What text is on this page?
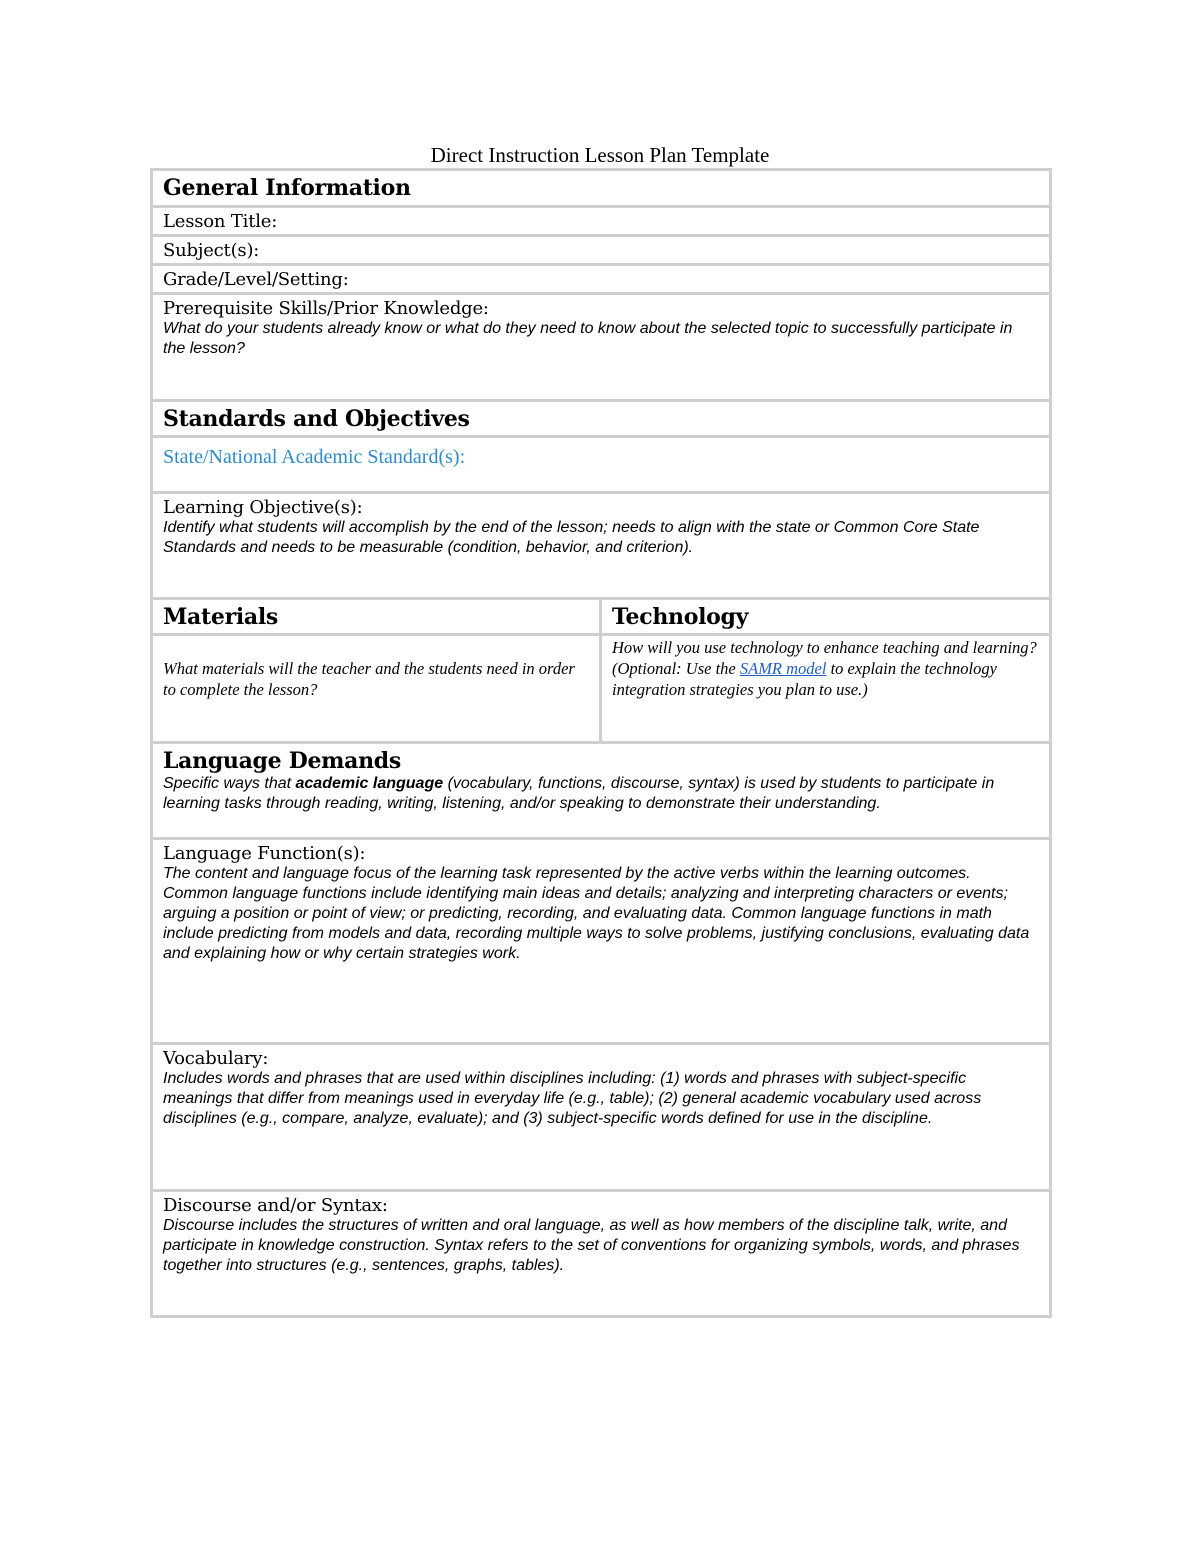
Direct Instruction Lesson Plan Template
General Information
Lesson Title:
Subject(s):
Grade/Level/Setting:
Prerequisite Skills/Prior Knowledge:
What do your students already know or what do they need to know about the selected topic to successfully participate in the lesson?
Standards and Objectives
State/National Academic Standard(s):
Learning Objective(s):
Identify what students will accomplish by the end of the lesson; needs to align with the state or Common Core State Standards and needs to be measurable (condition, behavior, and criterion).
Materials	Technology
What materials will the teacher and the students need in order to complete the lesson?
How will you use technology to enhance teaching and learning? (Optional: Use the SAMR model to explain the technology integration strategies you plan to use.)
Language Demands
Specific ways that academic language (vocabulary, functions, discourse, syntax) is used by students to participate in learning tasks through reading, writing, listening, and/or speaking to demonstrate their understanding.
Language Function(s):
The content and language focus of the learning task represented by the active verbs within the learning outcomes. Common language functions include identifying main ideas and details; analyzing and interpreting characters or events; arguing a position or point of view; or predicting, recording, and evaluating data. Common language functions in math include predicting from models and data, recording multiple ways to solve problems, justifying conclusions, evaluating data and explaining how or why certain strategies work.
Vocabulary:
Includes words and phrases that are used within disciplines including: (1) words and phrases with subject-specific meanings that differ from meanings used in everyday life (e.g., table); (2) general academic vocabulary used across disciplines (e.g., compare, analyze, evaluate); and (3) subject-specific words defined for use in the discipline.
Discourse and/or Syntax:
Discourse includes the structures of written and oral language, as well as how members of the discipline talk, write, and participate in knowledge construction. Syntax refers to the set of conventions for organizing symbols, words, and phrases together into structures (e.g., sentences, graphs, tables).
